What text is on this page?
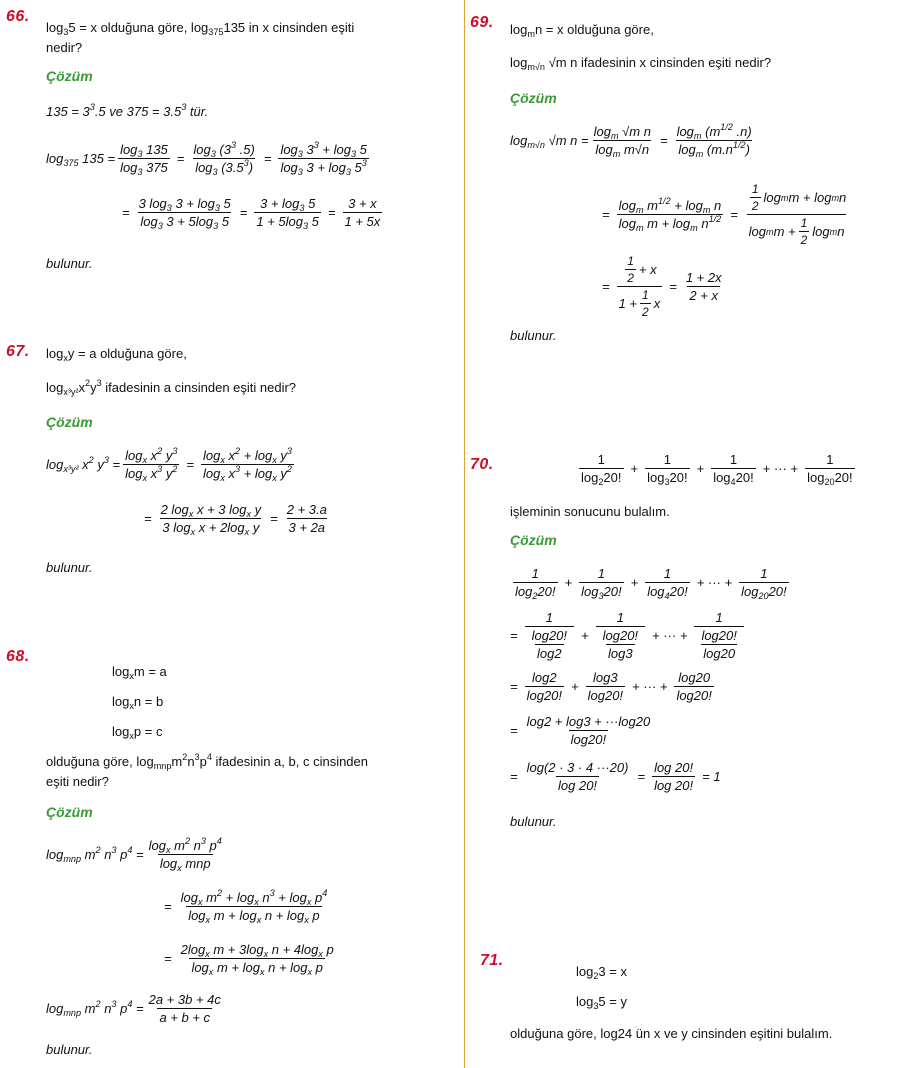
66.
$\log_35 = x$ olduğuna göre, $\log_{375}135$ in x cinsinden eşiti
nedir?
Çözüm
$135 = 3^3.5$ ve $375 = 3.5^3$ tür.
$\log_{375} 135 = \frac{\log_3 135}{\log_3 375} = \frac{\log_3 (3^3 .5)}{\log_3 (3.5^3)} = \frac{\log_3 3^3 + \log_3 5}{\log_3 3 + \log_3 5^3}$
= $\frac{3 \log_3 3 + \log_3 5}{\log_3 3 + 5\log_3 5} = \frac{3 + \log_3 5}{1 + 5\log_3 5} = \frac{3 + x}{1 + 5x}$
bulunur.
67. $\log_xy = a$ olduğuna göre,
$\log_{x^3y^2}x^2y^3$ ifadesinin a cinsinden eşiti nedir?
Çözüm
$\log_{x^3y^2} x^2$ $y^3 = \frac{\log_x x^2 y^3}{\log_x x^3 y^2} = \frac{\log_x x^2 + \log_x y^3}{\log_x x^3 + \log_x y^2}$
= $\frac{2 \log_x x + 3 \log_x y}{3 \log_x x + 2\log_x y} = \frac{2 + 3.a}{3 + 2a}$
bulunur.
68.
$\log_xm = a$
$\log_xn = b$
$\log_xp = c$
olduğuna göre, $\log_{mnp}m^2n^3p^4$ ifadesinin a, b, c cinsinden
eşiti nedir?
Çözüm
$\log_{mnp} m^2$ $n^3$ $p^4 = \frac{\log_x m^2 n^3 p^4}{\log_x mnp}$
= $\frac{\log_x m^2 + \log_x n^3 + \log_x p^4}{\log_x m + \log_x n + \log_x p}$
= $\frac{2\log_x m + 3\log_x n + 4\log_x p}{\log_x m + \log_x n + \log_x p}$
$\log_{mnp} m^2$ $n^3$ $p^4 = \frac{2a + 3b + 4c}{a + b + c}$
bulunur.
69. $\log_mn = x$ olduğuna göre,
$\log_{m√n} √m$ n ifadesinin x cinsinden eşiti nedir?
Çözüm
$\log_{m√n} √m$ $n = \frac{\log_m √m n}{\log_m m√n} = \frac{\log_m (m^{1/2} .n)}{\log_m (m.n^{1/2})}$
= $\frac{\log_m m^{1/2} + \log_m n}{\log_m m + \log_m n^{1/2}} = \frac{\frac{1}{2} \log m m + \log m n}{\log m m + \frac{1}{2} \log m n}$
= $\frac{\frac{1}{2} + x}{1 + \frac{1}{2} x} = \frac{1 + 2x}{2 + x}$
bulunur.
70.	$\frac{1}{\log_220!} + \frac{1}{\log_320!} + \frac{1}{\log_420!}$ + ··· + $\frac{1}{\log_{20}20!}$
işleminin sonucunu bulalım.
Çözüm
$\frac{1}{\log_220!} + \frac{1}{\log_320!} + \frac{1}{\log_420!}$ + ··· + $\frac{1}{\log_{20}20!}$
= $\frac{1}{\frac{\log 20!}{\log 2}} + \frac{1}{\frac{\log 20!}{\log 3}}$ + ··· + $\frac{1}{\frac{\log 20!}{\log 20}}$
= $\frac{\log 2}{\log 20!} + \frac{\log 3}{\log 20!}$ + ··· + $\frac{\log 20}{\log 20!}$
= $\frac{\log 2 + \log 3 + \cdot\cdot\cdot\log 20}{\log 20!}$
= $\frac{\log(2 \cdot 3 \cdot 4 \cdot\cdot\cdot 20)}{\log 20!} = \frac{\log 20!}{\log 20!} = 1$
bulunur.
71.
$\log_23 = x$
$\log_35 = y$
olduğuna göre, log24 ün x ve y cinsinden eşitini bulalım.
